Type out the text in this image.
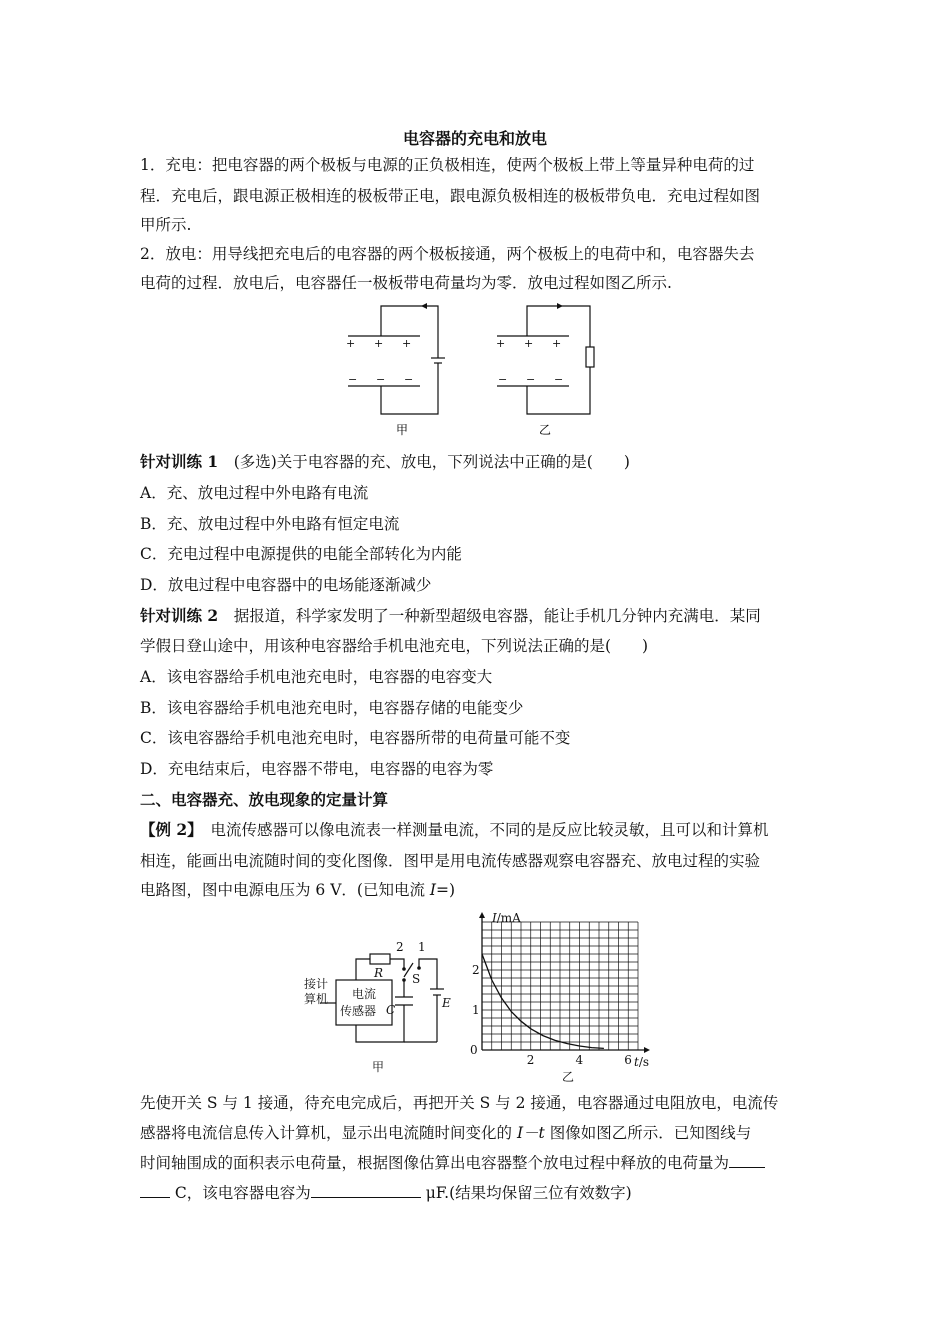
电容器的充电和放电
1．充电：把电容器的两个极板与电源的正负极相连，使两个极板上带上等量异种电荷的过
程．充电后，跟电源正极相连的极板带正电，跟电源负极相连的极板带负电．充电过程如图
甲所示.
2．放电：用导线把充电后的电容器的两个极板接通，两个极板上的电荷中和，电容器失去
电荷的过程．放电后，电容器任一极板带电荷量均为零．放电过程如图乙所示.
+ + +
− − −
+ + +
− − −
甲	乙
针对训练 1　(多选)关于电容器的充、放电，下列说法中正确的是(　　)
A．充、放电过程中外电路有电流
B．充、放电过程中外电路有恒定电流
C．充电过程中电源提供的电能全部转化为内能
D．放电过程中电容器中的电场能逐渐减少
针对训练 2　据报道，科学家发明了一种新型超级电容器，能让手机几分钟内充满电．某同
学假日登山途中，用该种电容器给手机电池充电，下列说法正确的是(　　)
A．该电容器给手机电池充电时，电容器的电容变大
B．该电容器给手机电池充电时，电容器存储的电能变少
C．该电容器给手机电池充电时，电容器所带的电荷量可能不变
D．充电结束后，电容器不带电，电容器的电容为零
二、电容器充、放电现象的定量计算
【例 2】　电流传感器可以像电流表一样测量电流，不同的是反应比较灵敏，且可以和计算机
相连，能画出电流随时间的变化图像．图甲是用电流传感器观察电容器充、放电过程的实验
电路图，图中电源电压为 6 V．(已知电流 I=)
接计
算机 电流
传感器
R
2 1
S
C	E
甲
I/mA
t/s
0
2	4	6
2
1
乙
先使开关 S 与 1 接通，待充电完成后，再把开关 S 与 2 接通，电容器通过电阻放电，电流传
感器将电流信息传入计算机，显示出电流随时间变化的 I－t 图像如图乙所示．已知图线与
时间轴围成的面积表示电荷量，根据图像估算出电容器整个放电过程中释放的电荷量为
C，该电容器电容为	μF.(结果均保留三位有效数字)
